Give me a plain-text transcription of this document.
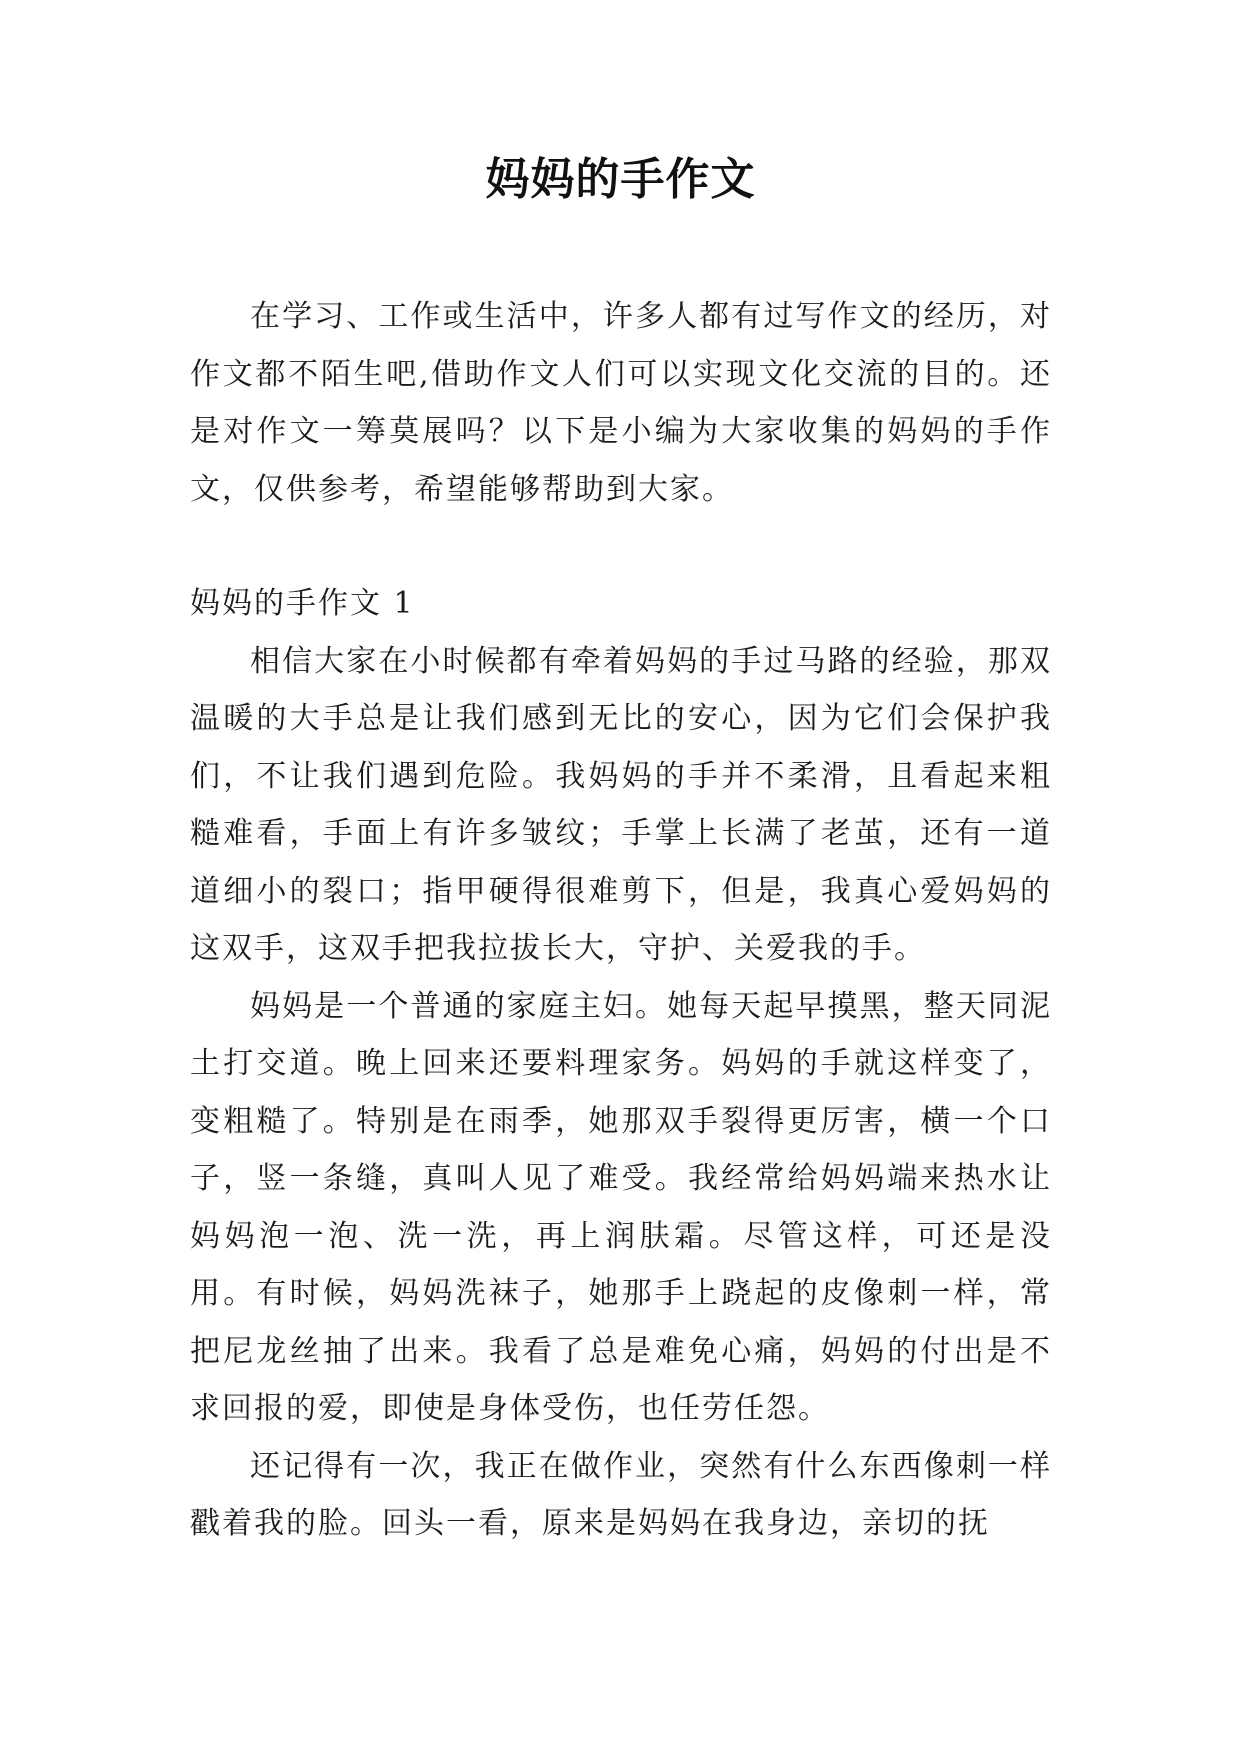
妈妈的手作文

在学习、工作或生活中，许多人都有过写作文的经历，对作文都不陌生吧,借助作文人们可以实现文化交流的目的。还是对作文一筹莫展吗？以下是小编为大家收集的妈妈的手作文，仅供参考，希望能够帮助到大家。

妈妈的手作文 1

相信大家在小时候都有牵着妈妈的手过马路的经验，那双温暖的大手总是让我们感到无比的安心，因为它们会保护我们，不让我们遇到危险。我妈妈的手并不柔滑，且看起来粗糙难看，手面上有许多皱纹；手掌上长满了老茧，还有一道道细小的裂口；指甲硬得很难剪下，但是，我真心爱妈妈的这双手，这双手把我拉拔长大，守护、关爱我的手。

妈妈是一个普通的家庭主妇。她每天起早摸黑，整天同泥土打交道。晚上回来还要料理家务。妈妈的手就这样变了，变粗糙了。特别是在雨季，她那双手裂得更厉害，横一个口子，竖一条缝，真叫人见了难受。我经常给妈妈端来热水让妈妈泡一泡、洗一洗，再上润肤霜。尽管这样，可还是没用。有时候，妈妈洗袜子，她那手上跷起的皮像刺一样，常把尼龙丝抽了出来。我看了总是难免心痛，妈妈的付出是不求回报的爱，即使是身体受伤，也任劳任怨。

还记得有一次，我正在做作业，突然有什么东西像刺一样戳着我的脸。回头一看，原来是妈妈在我身边，亲切的抚
